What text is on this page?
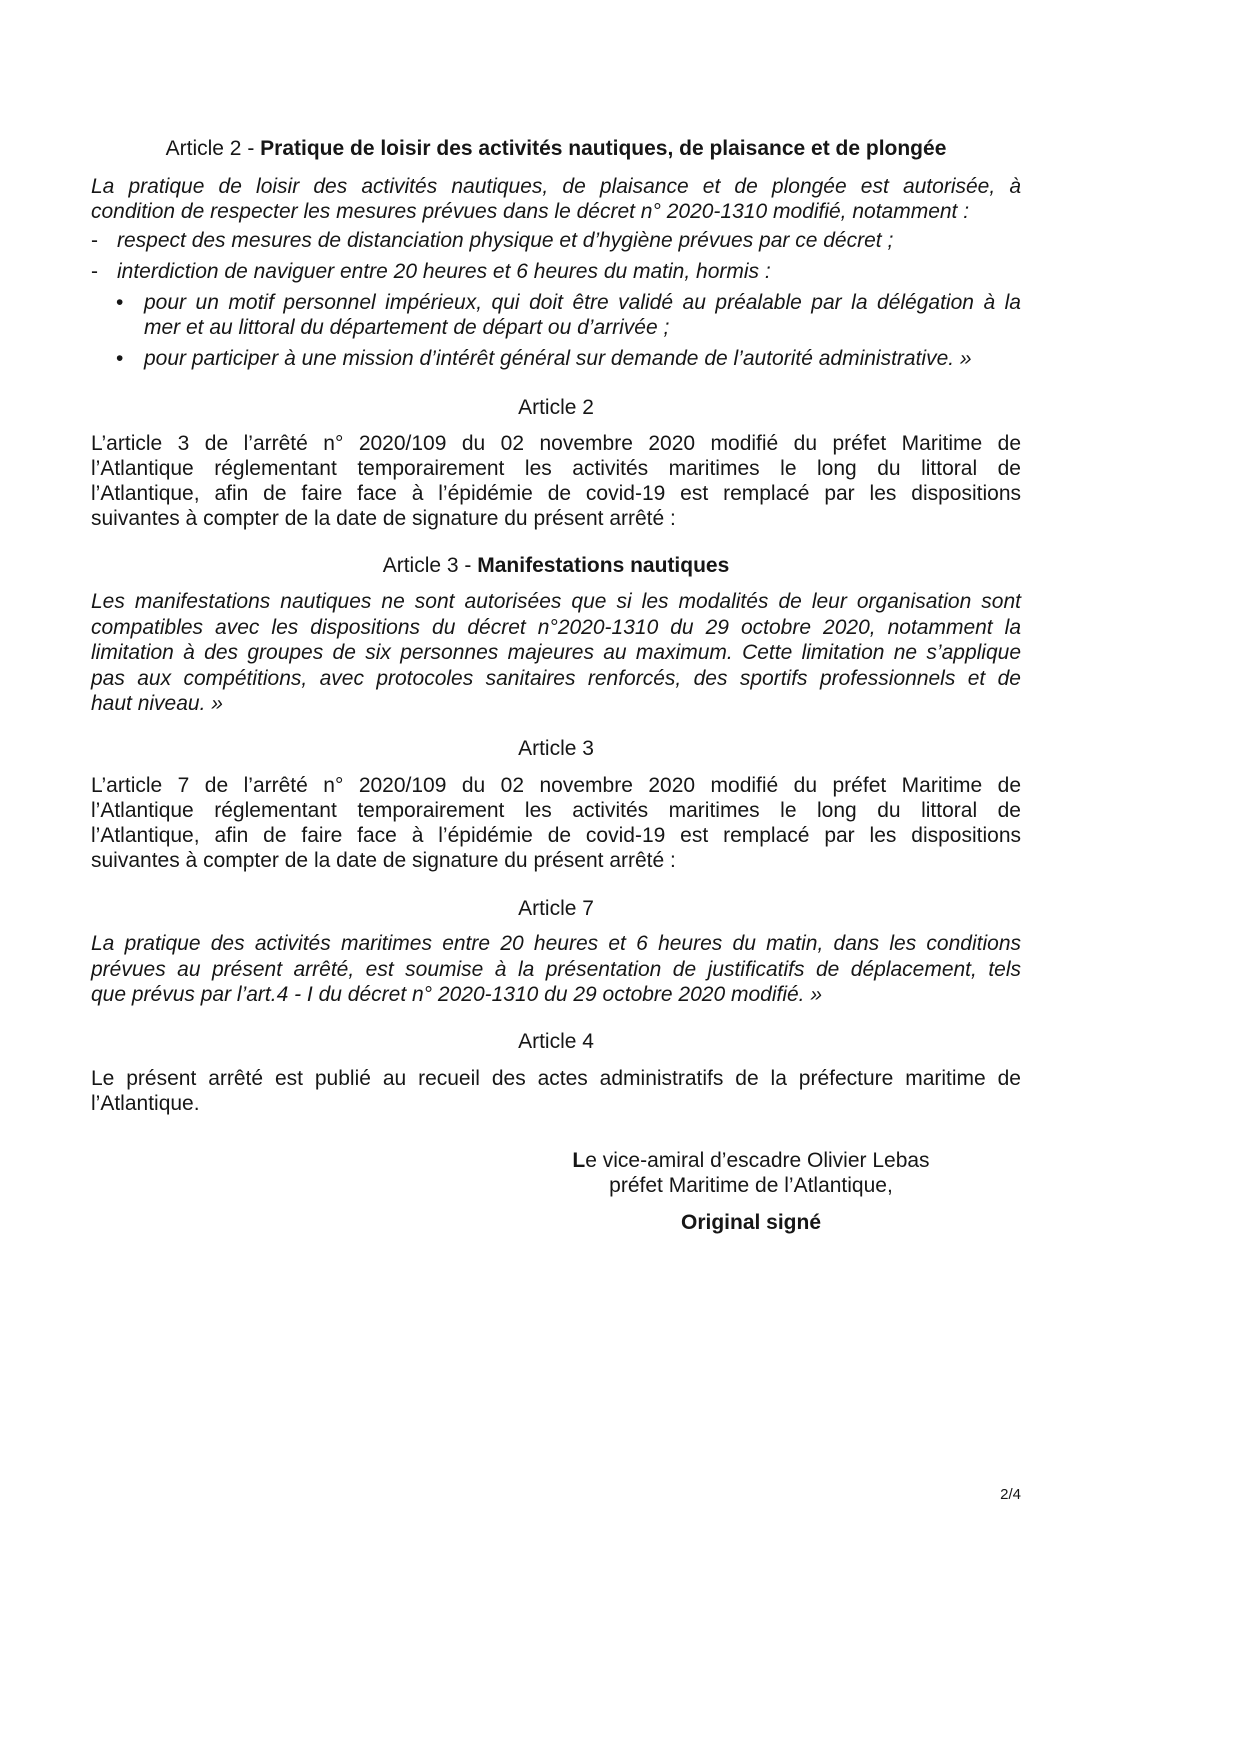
Article 2 - Pratique de loisir des activités nautiques, de plaisance et de plongée
La pratique de loisir des activités nautiques, de plaisance et de plongée est autorisée, à
condition de respecter les mesures prévues dans le décret n° 2020-1310 modifié, notamment :
- respect des mesures de distanciation physique et d’hygiène prévues par ce décret ;
- interdiction de naviguer entre 20 heures et 6 heures du matin, hormis :
• pour un motif personnel impérieux, qui doit être validé au préalable par la délégation à la
mer et au littoral du département de départ ou d’arrivée ;
• pour participer à une mission d’intérêt général sur demande de l’autorité administrative. »
Article 2
L’article 3 de l’arrêté n° 2020/109 du 02 novembre 2020 modifié du préfet Maritime de
l’Atlantique réglementant temporairement les activités maritimes le long du littoral de
l’Atlantique, afin de faire face à l’épidémie de covid-19 est remplacé par les dispositions
suivantes à compter de la date de signature du présent arrêté :
Article 3 - Manifestations nautiques
Les manifestations nautiques ne sont autorisées que si les modalités de leur organisation sont
compatibles avec les dispositions du décret n°2020-1310 du 29 octobre 2020, notamment la
limitation à des groupes de six personnes majeures au maximum. Cette limitation ne s’applique
pas aux compétitions, avec protocoles sanitaires renforcés, des sportifs professionnels et de
haut niveau. »
Article 3
L’article 7 de l’arrêté n° 2020/109 du 02 novembre 2020 modifié du préfet Maritime de
l’Atlantique réglementant temporairement les activités maritimes le long du littoral de
l’Atlantique, afin de faire face à l’épidémie de covid-19 est remplacé par les dispositions
suivantes à compter de la date de signature du présent arrêté :
Article 7
La pratique des activités maritimes entre 20 heures et 6 heures du matin, dans les conditions
prévues au présent arrêté, est soumise à la présentation de justificatifs de déplacement, tels
que prévus par l’art.4 - I du décret n° 2020-1310 du 29 octobre 2020 modifié. »
Article 4
Le présent arrêté est publié au recueil des actes administratifs de la préfecture maritime de
l’Atlantique.
Le vice-amiral d’escadre Olivier Lebas
préfet Maritime de l’Atlantique,
Original signé
2/4
